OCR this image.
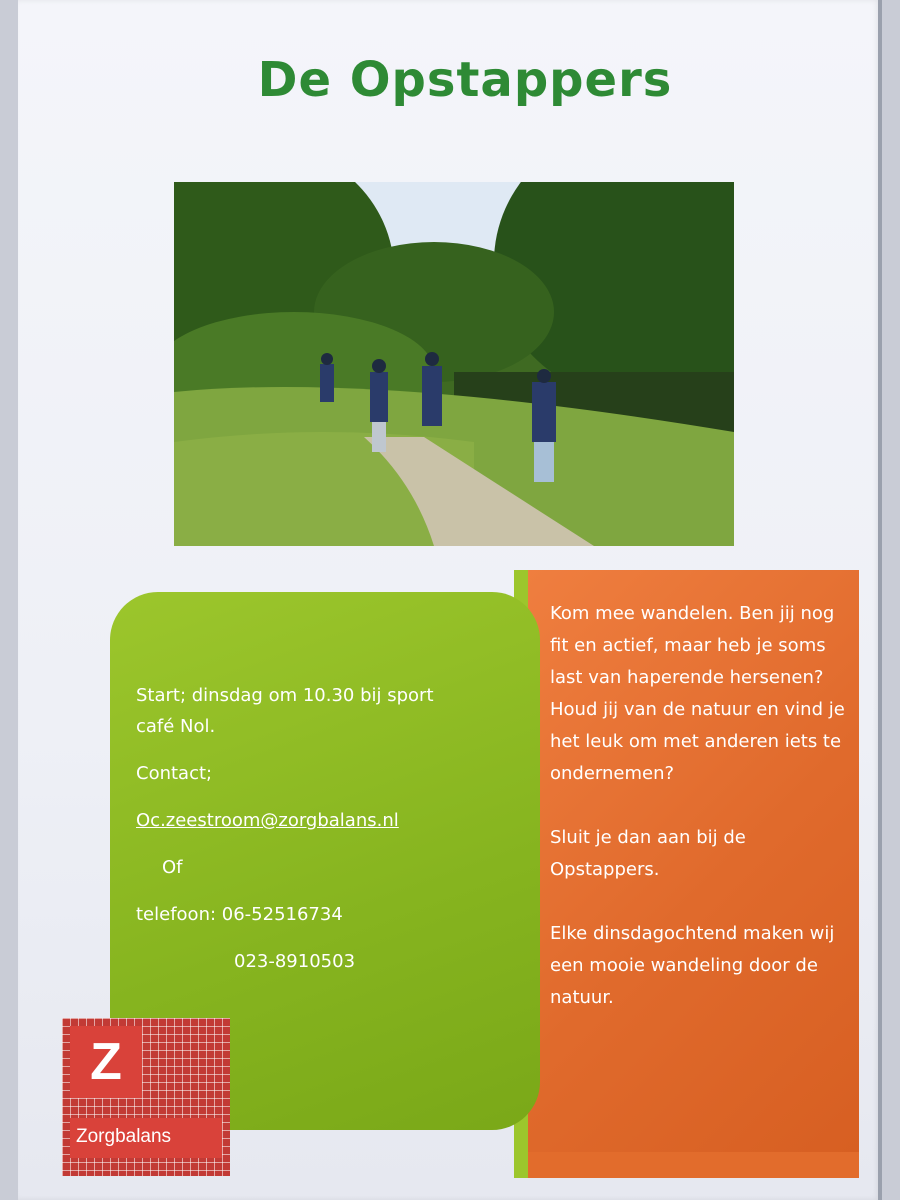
De Opstappers

Start; dinsdag om 10.30 bij sport

café Nol.

Contact;

Oc.zeestroom@zorgbalans.nl

Of

telefoon: 06-52516734

023-8910503

Kom mee wandelen. Ben jij nog fit en actief, maar heb je soms last van haperende hersenen? Houd jij van de natuur en vind je het leuk om met anderen iets te ondernemen?

Sluit je dan aan bij de Opstappers.

Elke dinsdagochtend maken wij een mooie wandeling door de natuur.

Z
Zorgbalans
